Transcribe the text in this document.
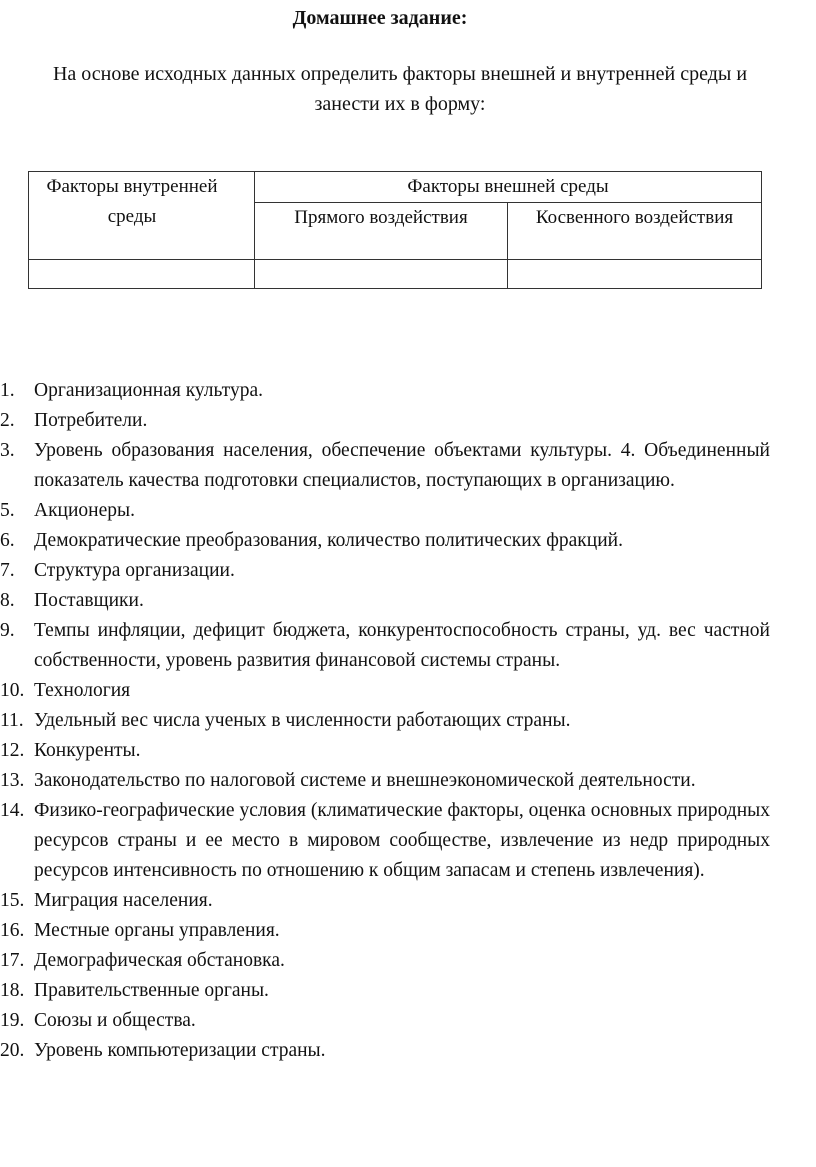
Домашнее задание:
На основе исходных данных определить факторы внешней и внутренней среды и занести их в форму:
Факторы внутренней среды	Факторы внешней среды	
	Прямого воздействия	Косвенного воздействия

1. Организационная культура.
2. Потребители.
3. Уровень образования населения, обеспечение объектами культуры. 4. Объединенный показатель качества подготовки специалистов, поступающих в организацию.
5. Акционеры.
6. Демократические преобразования, количество политических фракций.
7. Структура организации.
8. Поставщики.
9. Темпы инфляции, дефицит бюджета, конкурентоспособность страны, уд. вес частной собственности, уровень развития финансовой системы страны.
10. Технология
11. Удельный вес числа ученых в численности работающих страны.
12. Конкуренты.
13. Законодательство по налоговой системе и внешнеэкономической деятельности.
14. Физико-географические условия (климатические факторы, оценка основных природных ресурсов страны и ее место в мировом сообществе, извлечение из недр природных ресурсов интенсивность по отношению к общим запасам и степень извлечения).
15. Миграция населения.
16. Местные органы управления.
17. Демографическая обстановка.
18. Правительственные органы.
19. Союзы и общества.
20. Уровень компьютеризации страны.
